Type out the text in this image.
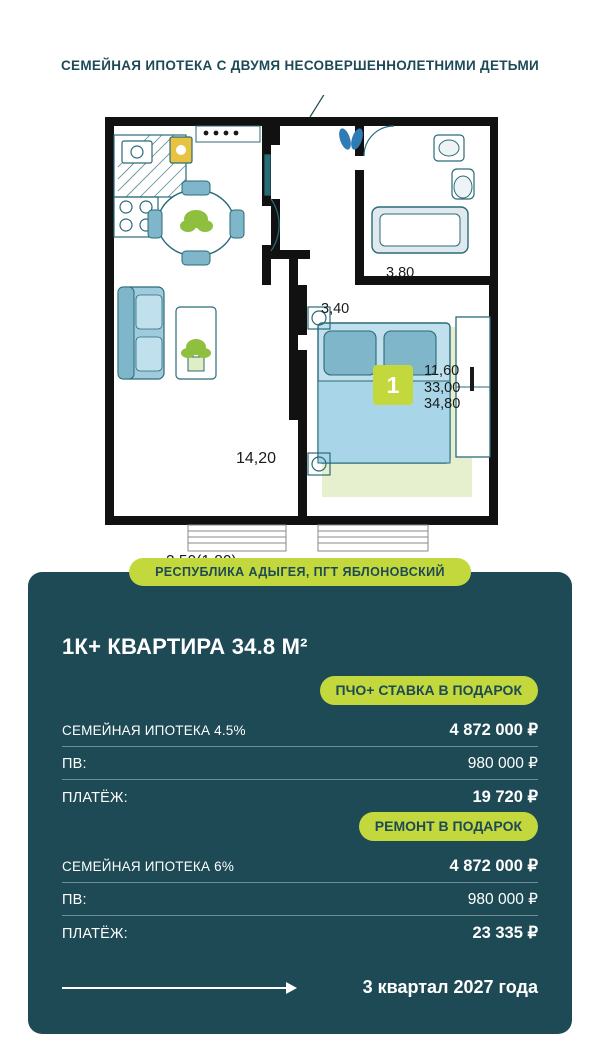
СЕМЕЙНАЯ ИПОТЕКА С ДВУМЯ НЕСОВЕРШЕННОЛЕТНИМИ ДЕТЬМИ
3,80
3,40
14,20
1
11,60
33,00
34,80
РЕСПУБЛИКА АДЫГЕЯ, ПГТ ЯБЛОНОВСКИЙ
1К+ КВАРТИРА 34.8 М²
ПЧО+ СТАВКА В ПОДАРОК
СЕМЕЙНАЯ ИПОТЕКА 4.5%	4 872 000 ₽
ПВ:	980 000 ₽
ПЛАТЁЖ:	19 720 ₽
РЕМОНТ В ПОДАРОК
СЕМЕЙНАЯ ИПОТЕКА 6%	4 872 000 ₽
ПВ:	980 000 ₽
ПЛАТЁЖ:	23 335 ₽
3 квартал 2027 года
